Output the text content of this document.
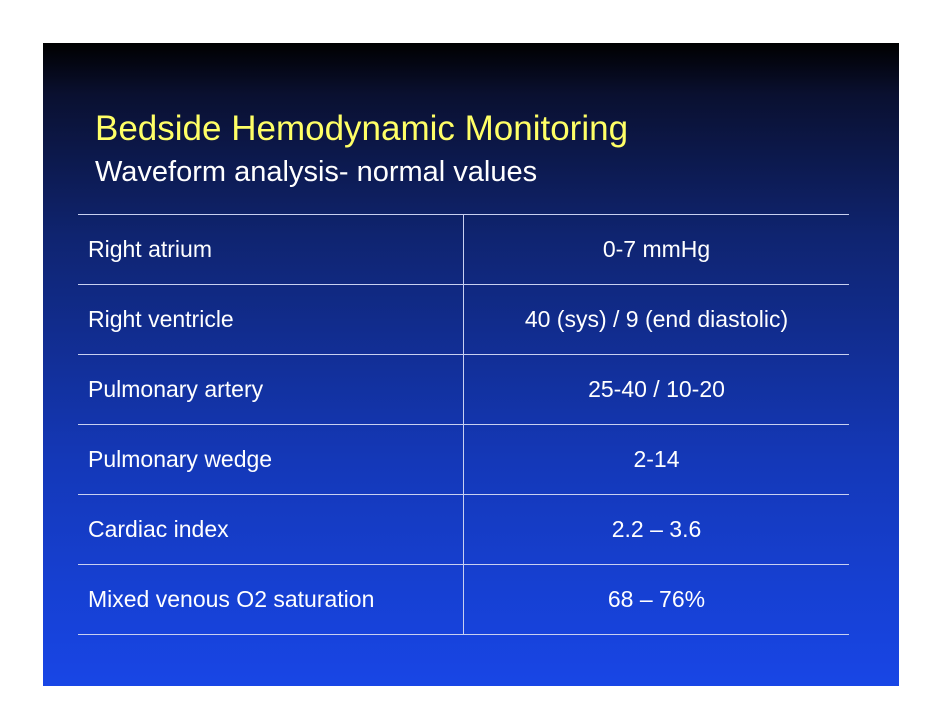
Bedside Hemodynamic Monitoring
Waveform analysis- normal values
Right atrium	0-7 mmHg
Right ventricle	40 (sys) / 9 (end diastolic)
Pulmonary artery	25-40 / 10-20
Pulmonary wedge	2-14
Cardiac index	2.2 – 3.6
Mixed venous O2 saturation	68 – 76%
